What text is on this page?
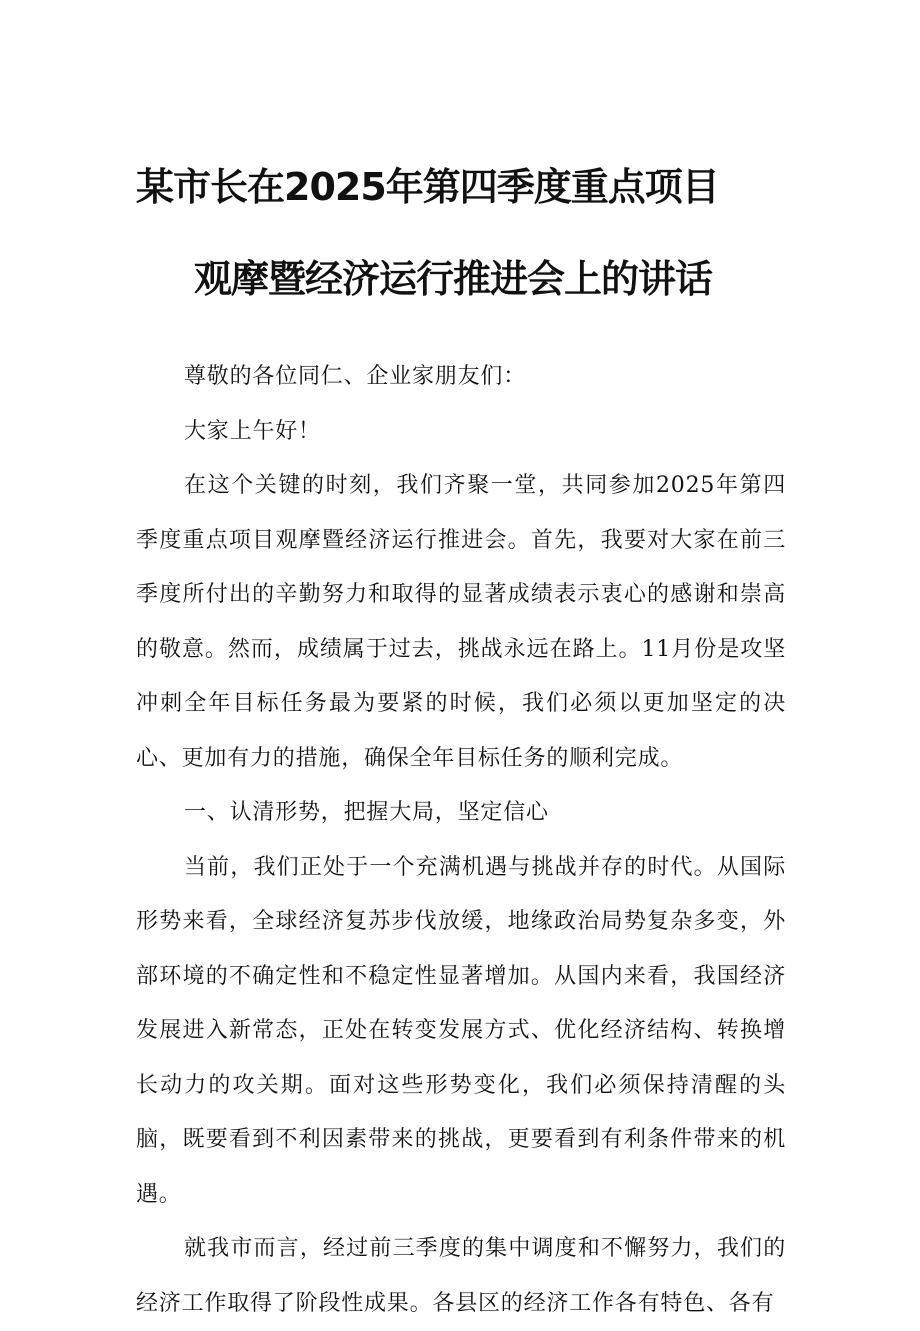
某市长在2025年第四季度重点项目
观摩暨经济运行推进会上的讲话

尊敬的各位同仁、企业家朋友们：

大家上午好！

在这个关键的时刻，我们齐聚一堂，共同参加2025年第四季度重点项目观摩暨经济运行推进会。首先，我要对大家在前三季度所付出的辛勤努力和取得的显著成绩表示衷心的感谢和崇高的敬意。然而，成绩属于过去，挑战永远在路上。11月份是攻坚冲刺全年目标任务最为要紧的时候，我们必须以更加坚定的决心、更加有力的措施，确保全年目标任务的顺利完成。

一、认清形势，把握大局，坚定信心

当前，我们正处于一个充满机遇与挑战并存的时代。从国际形势来看，全球经济复苏步伐放缓，地缘政治局势复杂多变，外部环境的不确定性和不稳定性显著增加。从国内来看，我国经济发展进入新常态，正处在转变发展方式、优化经济结构、转换增长动力的攻关期。面对这些形势变化，我们必须保持清醒的头脑，既要看到不利因素带来的挑战，更要看到有利条件带来的机遇。

就我市而言，经过前三季度的集中调度和不懈努力，我们的经济工作取得了阶段性成果。各县区的经济工作各有特色、各有
